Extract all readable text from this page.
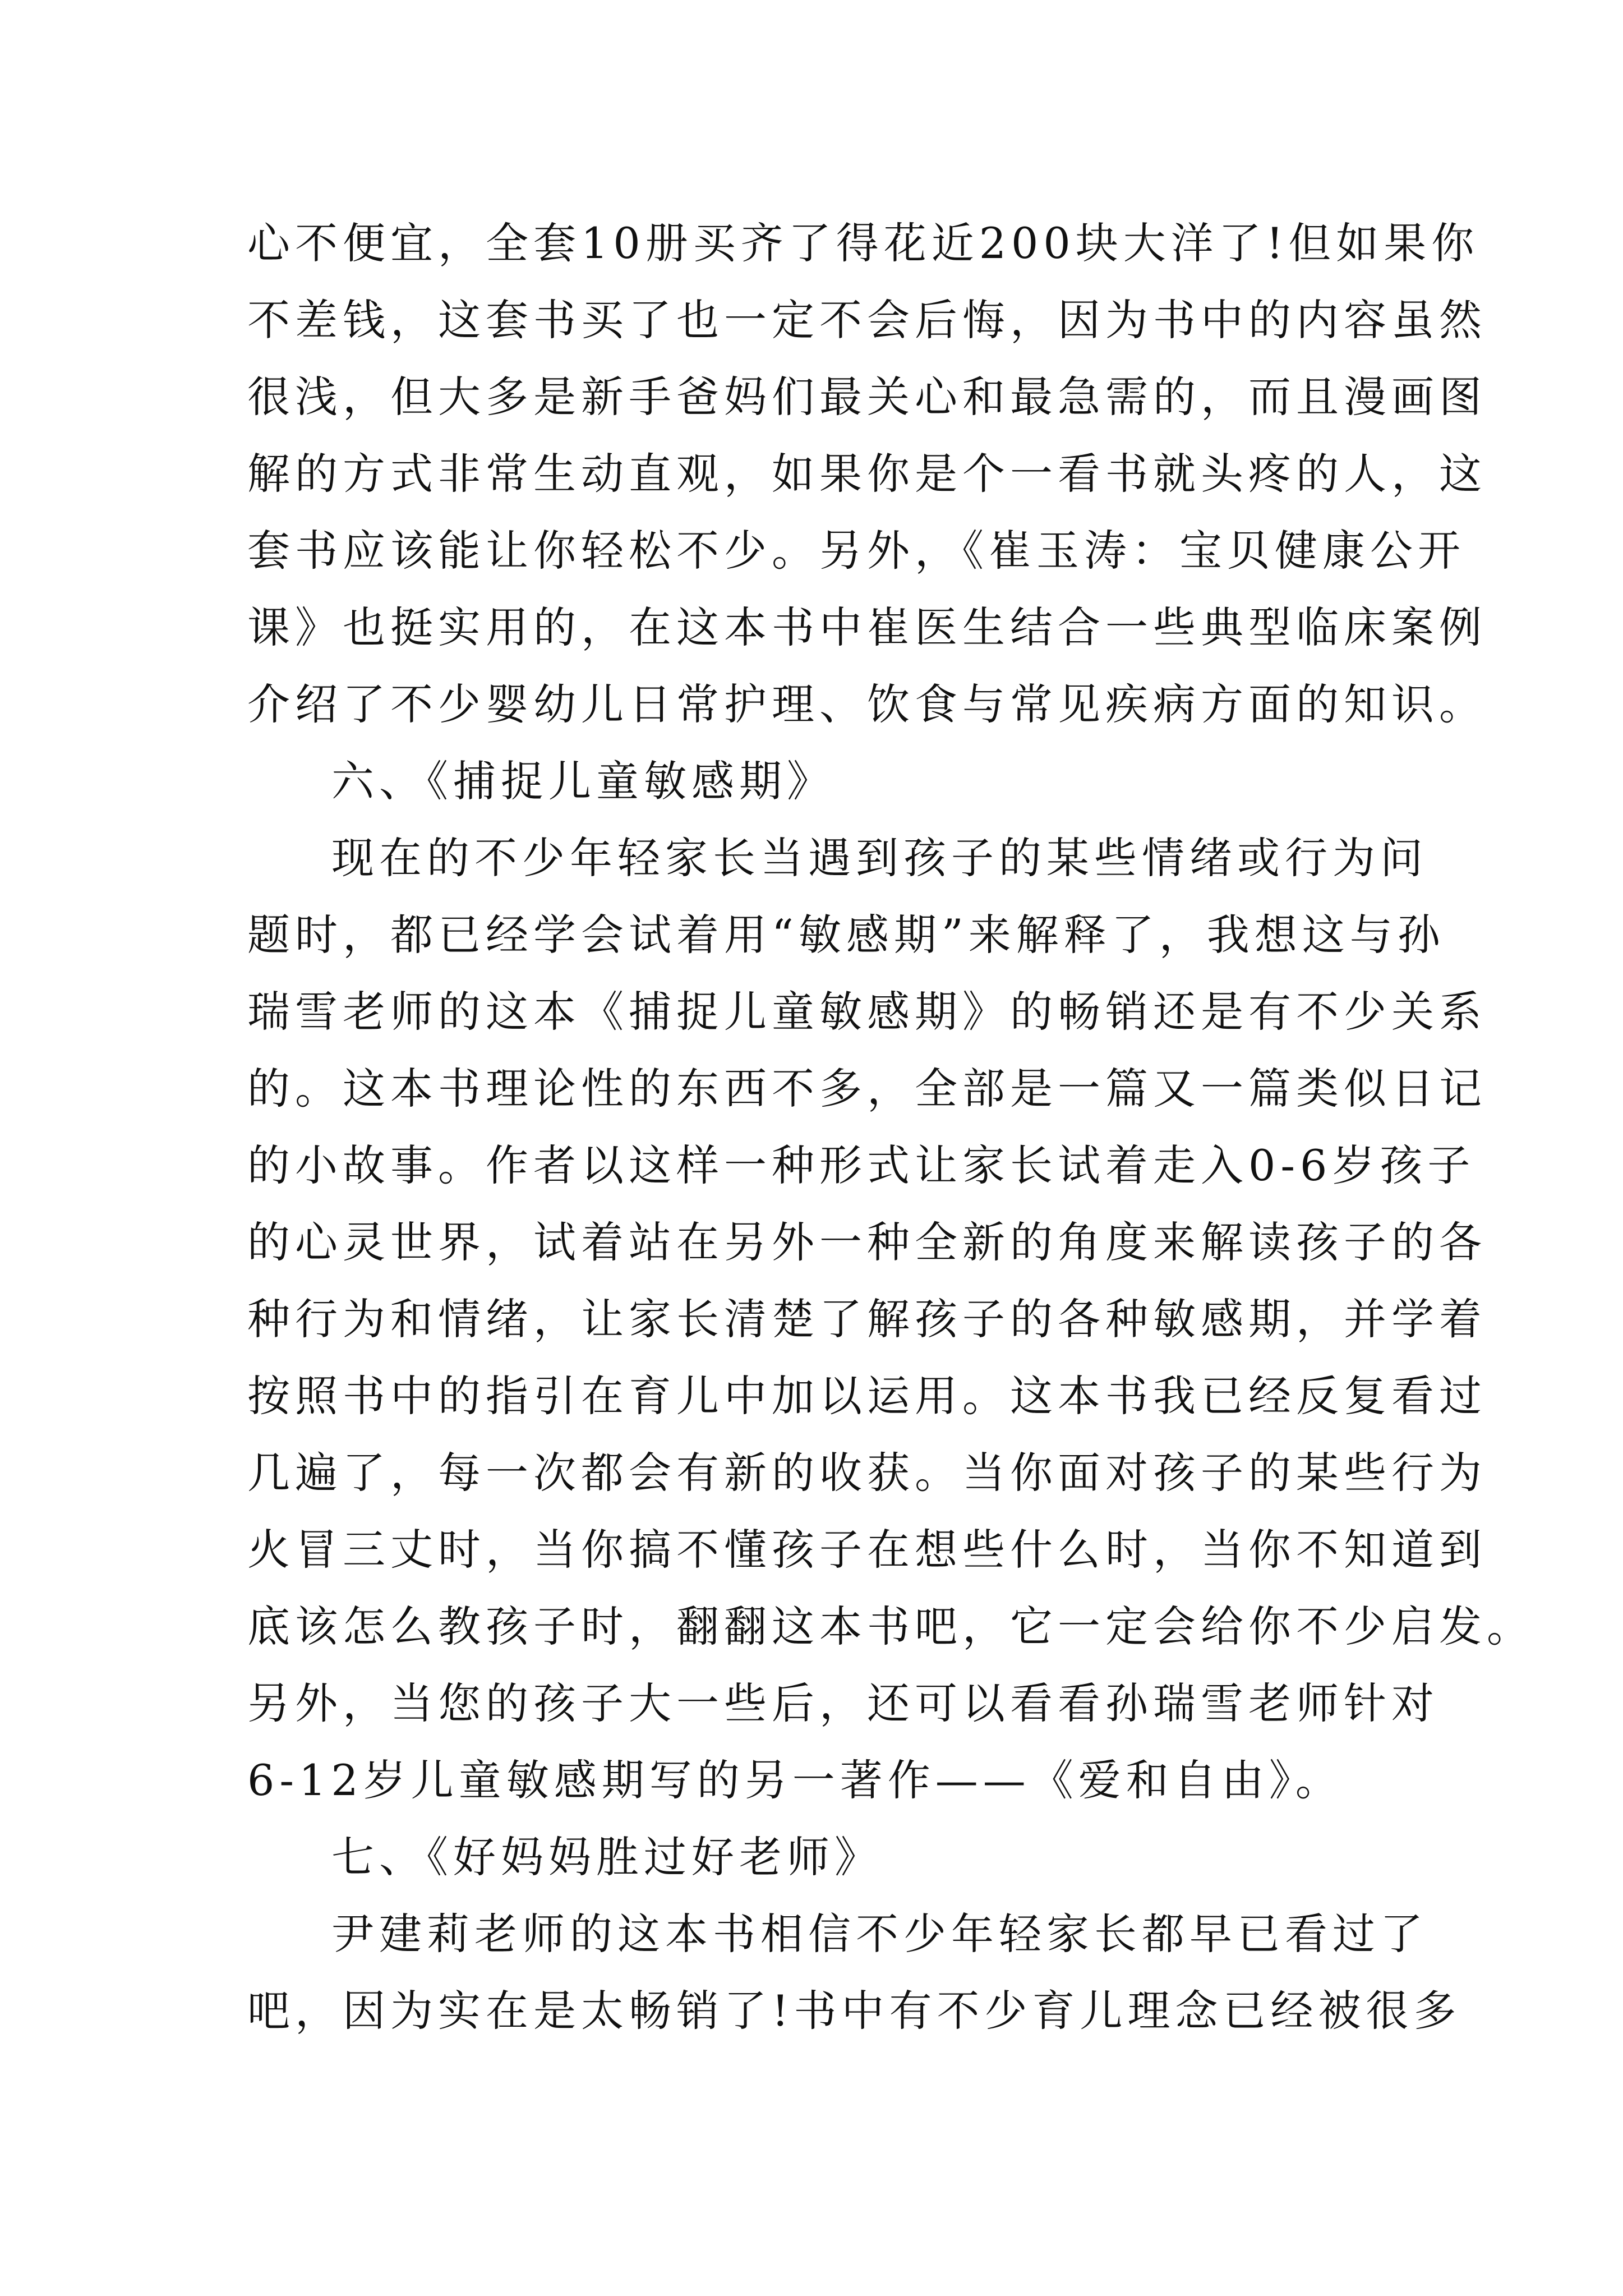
心不便宜，全套10册买齐了得花近200块大洋了!但如果你
不差钱，这套书买了也一定不会后悔，因为书中的内容虽然
很浅，但大多是新手爸妈们最关心和最急需的，而且漫画图
解的方式非常生动直观，如果你是个一看书就头疼的人，这
套书应该能让你轻松不少。另外，《崔玉涛：宝贝健康公开
课》也挺实用的，在这本书中崔医生结合一些典型临床案例
介绍了不少婴幼儿日常护理、饮食与常见疾病方面的知识。
六、《捕捉儿童敏感期》
现在的不少年轻家长当遇到孩子的某些情绪或行为问
题时，都已经学会试着用“敏感期”来解释了，我想这与孙
瑞雪老师的这本《捕捉儿童敏感期》的畅销还是有不少关系
的。这本书理论性的东西不多，全部是一篇又一篇类似日记
的小故事。作者以这样一种形式让家长试着走入0-6岁孩子
的心灵世界，试着站在另外一种全新的角度来解读孩子的各
种行为和情绪，让家长清楚了解孩子的各种敏感期，并学着
按照书中的指引在育儿中加以运用。这本书我已经反复看过
几遍了，每一次都会有新的收获。当你面对孩子的某些行为
火冒三丈时，当你搞不懂孩子在想些什么时，当你不知道到
底该怎么教孩子时，翻翻这本书吧，它一定会给你不少启发。
另外，当您的孩子大一些后，还可以看看孙瑞雪老师针对
6-12岁儿童敏感期写的另一著作——《爱和自由》。
七、《好妈妈胜过好老师》
尹建莉老师的这本书相信不少年轻家长都早已看过了
吧，因为实在是太畅销了!书中有不少育儿理念已经被很多
